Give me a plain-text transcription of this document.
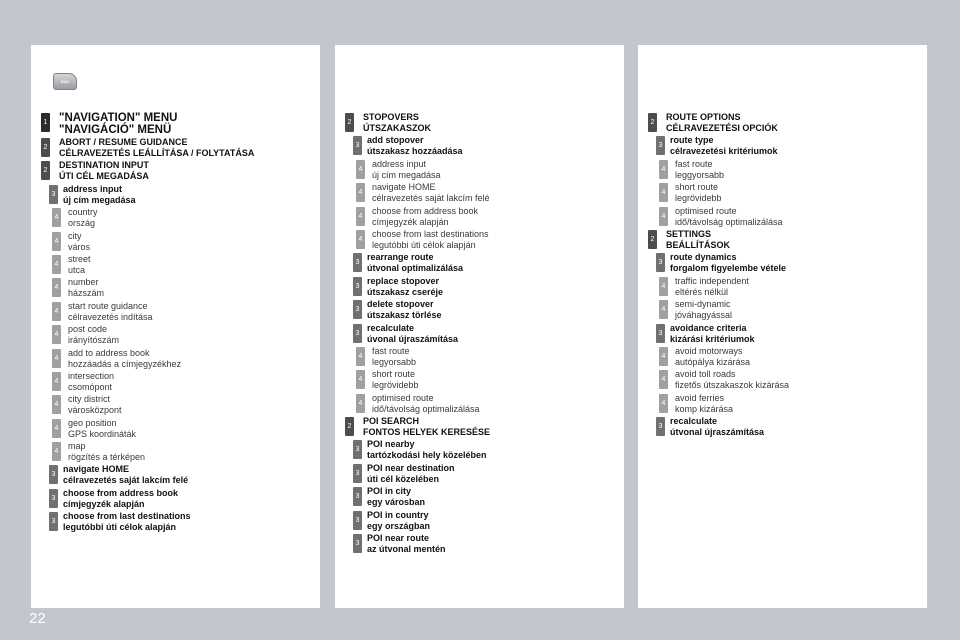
NAV
1 "NAVIGATION" MENU
"NAVIGÁCIÓ" MENÜ
2
ABORT / RESUME GUIDANCE
CÉLRAVEZETÉS LEÁLLÍTÁSA / FOLYTATÁSA
2
DESTINATION INPUT
ÚTI CÉL MEGADÁSA
3
address input
új cím megadása
4
country
ország
4
city
város
4
street
utca
4
number
házszám
4
start route guidance
célravezetés indítása
4
post code
irányítószám
4
add to address book
hozzáadás a címjegyzékhez
4
intersection
csomópont
4
city district
városközpont
4
geo position
GPS koordináták
4
map
rögzítés a térképen
3
navigate HOME
célravezetés saját lakcím felé
3
choose from address book
címjegyzék alapján
3
choose from last destinations
legutóbbi úti célok alapján
2
STOPOVERS
ÚTSZAKASZOK
3
add stopover
útszakasz hozzáadása
4
address input
új cím megadása
4
navigate HOME
célravezetés saját lakcím felé
4
choose from address book
címjegyzék alapján
4
choose from last destinations
legutóbbi úti célok alapján
3
rearrange route
útvonal optimalizálása
3
replace stopover
útszakasz cseréje
3
delete stopover
útszakasz törlése
3
recalculate
úvonal újraszámítása
4
fast route
legyorsabb
4
short route
legrövidebb
4
optimised route
idő/távolság optimalizálása
2
POI SEARCH
FONTOS HELYEK KERESÉSE
3
POI nearby
tartózkodási hely közelében
3
POI near destination
úti cél közelében
3
POI in city
egy városban
3
POI in country
egy országban
3
POI near route
az útvonal mentén
2
ROUTE OPTIONS
CÉLRAVEZETÉSI OPCIÓK
3
route type
célravezetési kritériumok
4
fast route
leggyorsabb
4
short route
legrövidebb
4
optimised route
idő/távolság optimalizálása
2
SETTINGS
BEÁLLÍTÁSOK
3
route dynamics
forgalom figyelembe vétele
4
traffic independent
eltérés nélkül
4
semi-dynamic
jóváhagyással
3
avoidance criteria
kizárási kritériumok
4
avoid motorways
autópálya kizárása
4
avoid toll roads
fizetős útszakaszok kizárása
4
avoid ferries
komp kizárása
3
recalculate
útvonal újraszámítása
22
